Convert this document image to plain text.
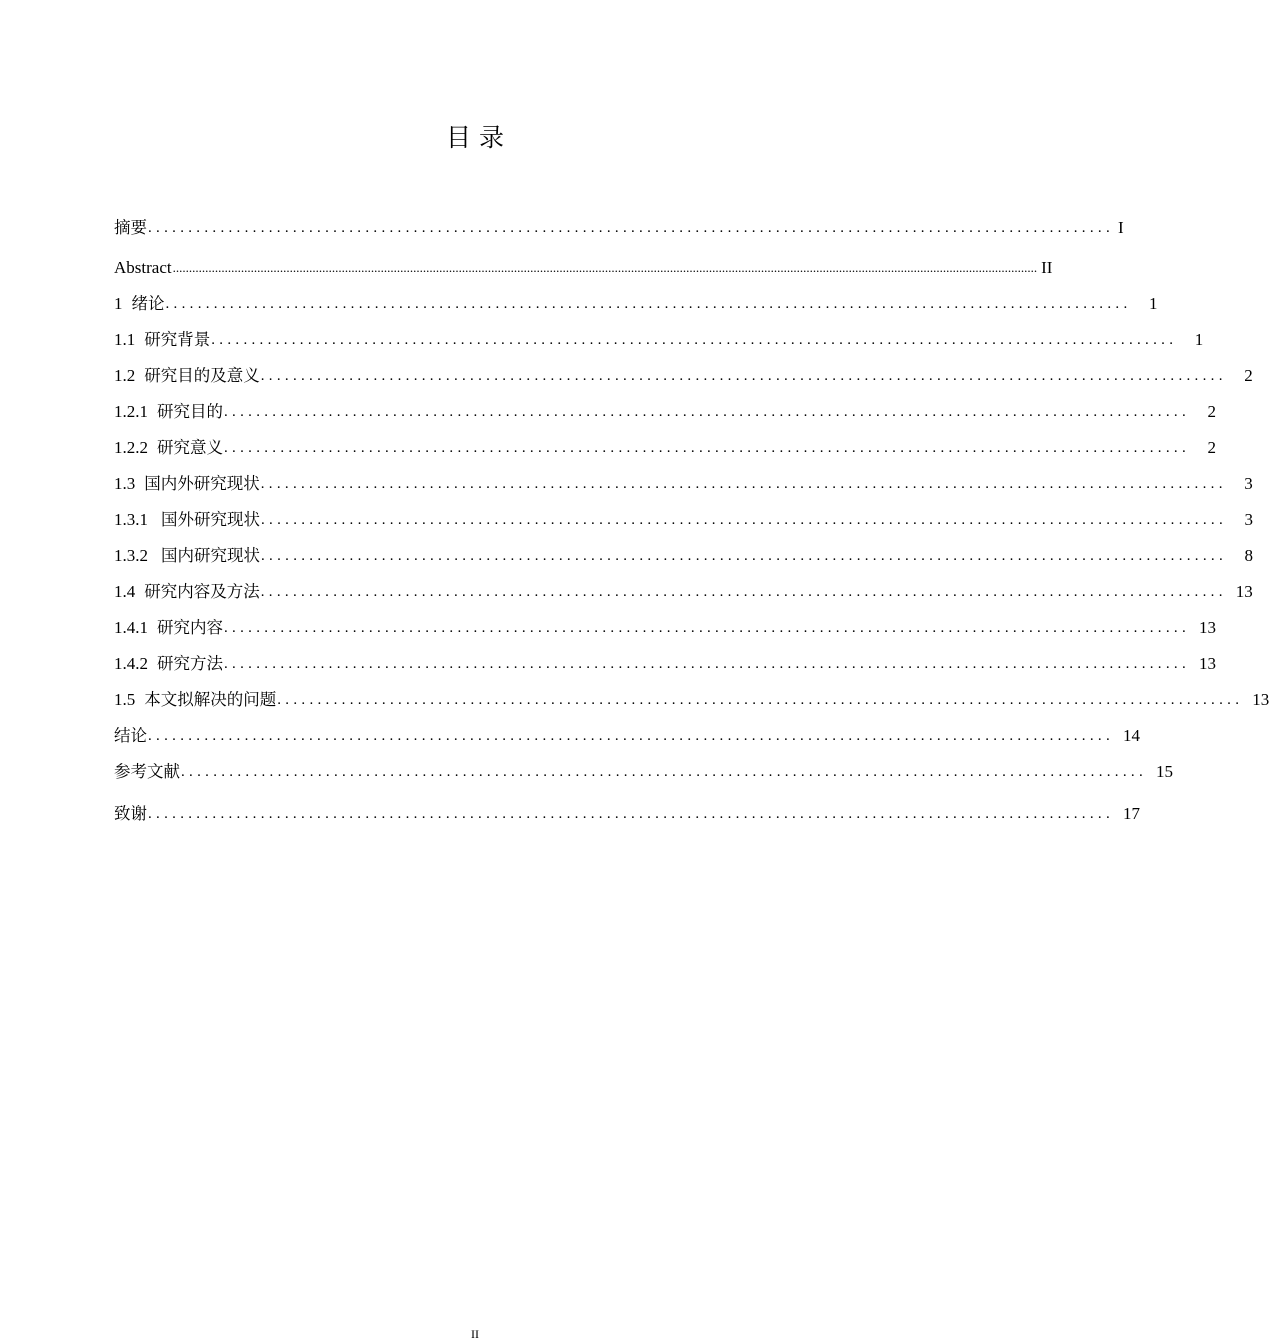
目 录
摘要 ........................................................................................................................ I
Abstract .......................................................................................................................................................................................................................................................................... II
1 绪论 ........................................................................................................................	1
1.1 研究背景 ........................................................................................................................	1
1.2 研究目的及意义 ........................................................................................................................	2
1.2.1 研究目的 ........................................................................................................................	2
1.2.2 研究意义 ........................................................................................................................	2
1.3 国内外研究现状 ........................................................................................................................	3
1.3.1 国外研究现状 ........................................................................................................................	3
1.3.2 国内研究现状 ........................................................................................................................	8
1.4 研究内容及方法 ........................................................................................................................ 13
1.4.1 研究内容 ........................................................................................................................ 13
1.4.2 研究方法 ........................................................................................................................ 13
1.5 本文拟解决的问题 ........................................................................................................................ 13
结论 ........................................................................................................................ 14
参考文献 ........................................................................................................................ 15
致谢 ........................................................................................................................ 17
II
